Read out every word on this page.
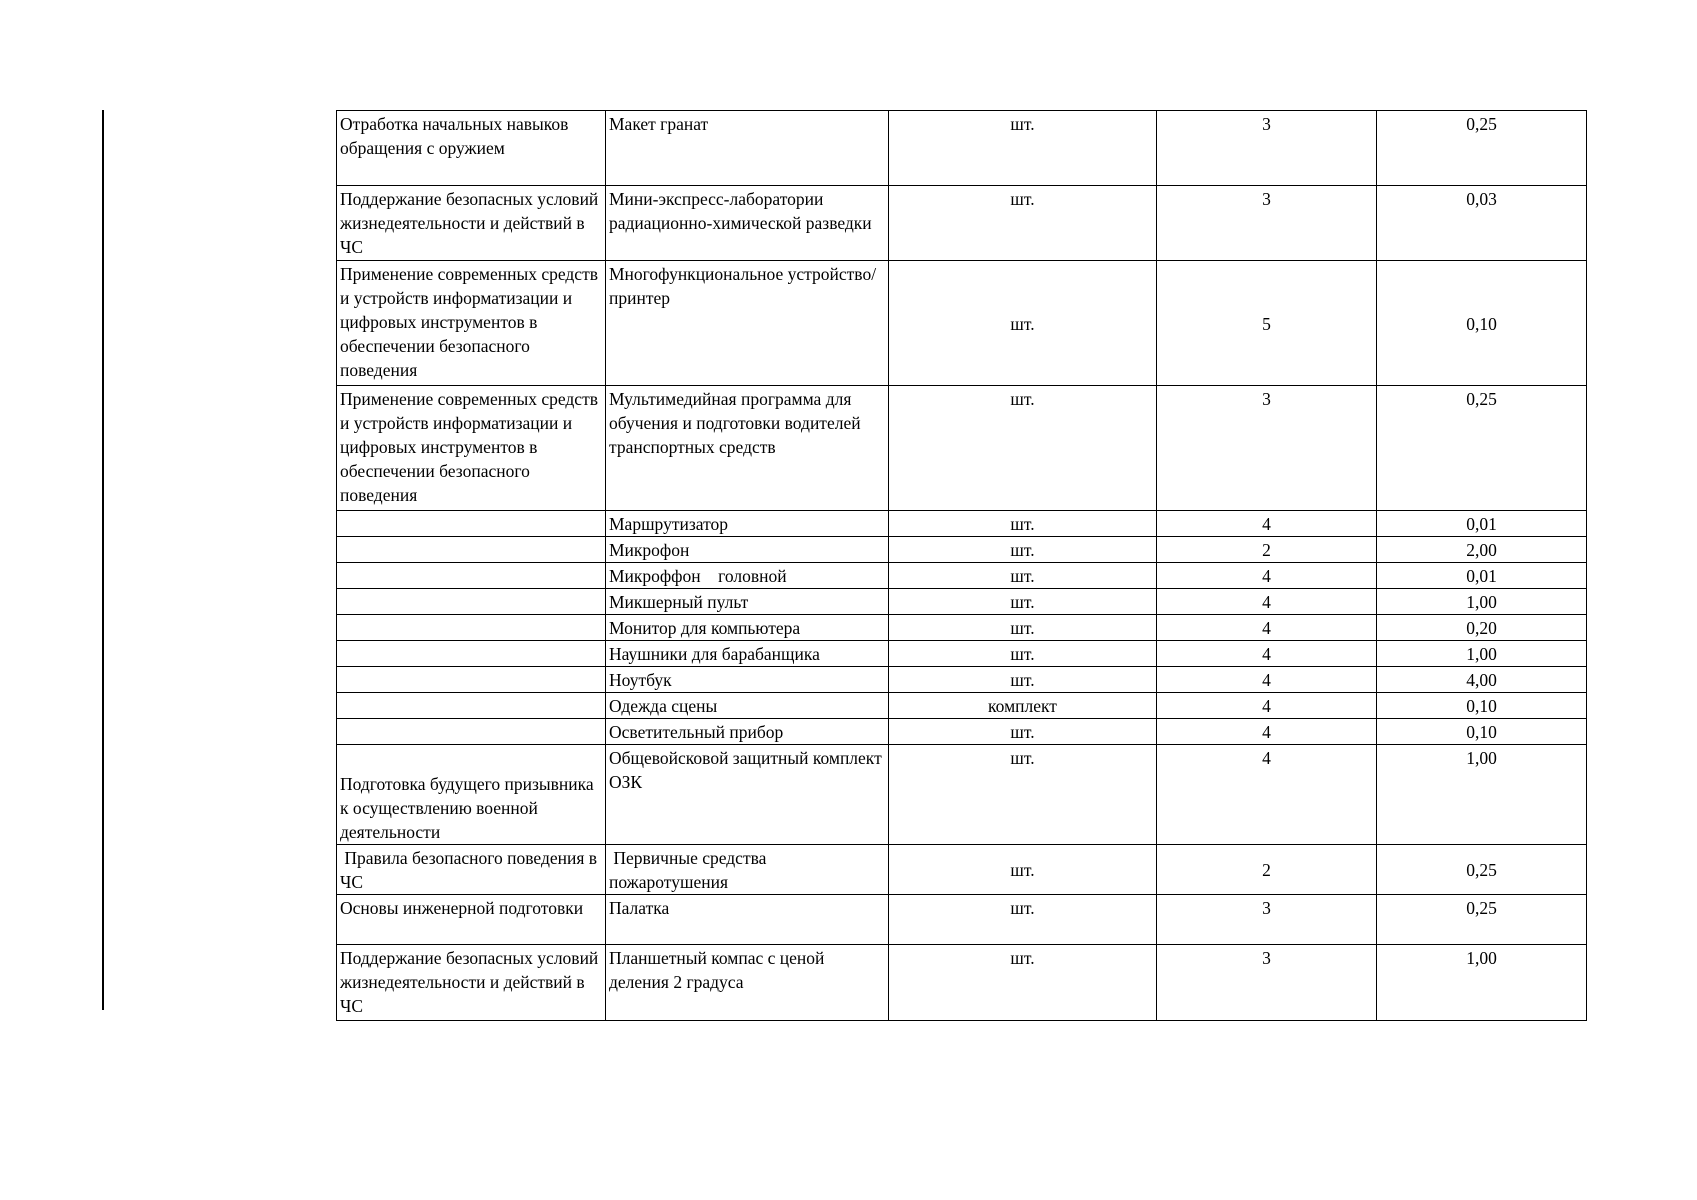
Отработка начальных навыков обращения с оружием	Макет гранат	шт.	3	0,25
Поддержание безопасных условий жизнедеятельности и действий в ЧС	Мини-экспресс-лаборатории радиационно-химической разведки	шт.	3	0,03
Применение современных средств и устройств информатизации и цифровых инструментов в обеспечении безопасного поведения	Многофункциональное устройство/принтер	шт.	5	0,10
Применение современных средств и устройств информатизации и цифровых инструментов в обеспечении безопасного поведения	Мультимедийная программа для обучения и подготовки водителей транспортных средств	шт.	3	0,25
	Маршрутизатор	шт.	4	0,01
	Микрофон	шт.	2	2,00
	Микроффон    головной	шт.	4	0,01
	Микшерный пульт	шт.	4	1,00
	Монитор для компьютера	шт.	4	0,20
	Наушники для барабанщика	шт.	4	1,00
	Ноутбук	шт.	4	4,00
	Одежда сцены	комплект	4	0,10
	Осветительный прибор	шт.	4	0,10
Подготовка будущего призывника к осуществлению военной деятельности	Общевойсковой защитный комплект ОЗК	шт.	4	1,00
Правила безопасного поведения в ЧС	Первичные средства пожаротушения	шт.	2	0,25
Основы инженерной подготовки	Палатка	шт.	3	0,25
Поддержание безопасных условий жизнедеятельности и действий в ЧС	Планшетный компас с ценой деления 2 градуса	шт.	3	1,00
